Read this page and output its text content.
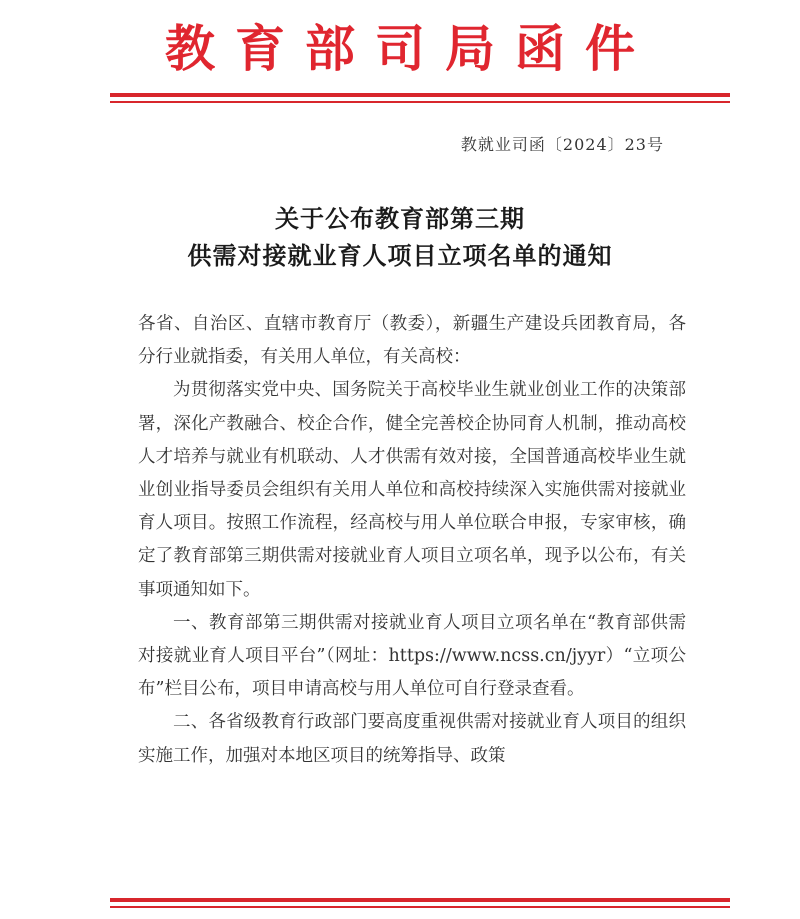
教育部司局函件
教就业司函〔2024〕23号
关于公布教育部第三期
供需对接就业育人项目立项名单的通知

各省、自治区、直辖市教育厅（教委），新疆生产建设兵团教育局，各分行业就指委，有关用人单位，有关高校：

为贯彻落实党中央、国务院关于高校毕业生就业创业工作的决策部署，深化产教融合、校企合作，健全完善校企协同育人机制，推动高校人才培养与就业有机联动、人才供需有效对接，全国普通高校毕业生就业创业指导委员会组织有关用人单位和高校持续深入实施供需对接就业育人项目。按照工作流程，经高校与用人单位联合申报，专家审核，确定了教育部第三期供需对接就业育人项目立项名单，现予以公布，有关事项通知如下。

一、教育部第三期供需对接就业育人项目立项名单在“教育部供需对接就业育人项目平台”（网址：https://www.ncss.cn/jyyr）“立项公布”栏目公布，项目申请高校与用人单位可自行登录查看。

二、各省级教育行政部门要高度重视供需对接就业育人项目的组织实施工作，加强对本地区项目的统筹指导、政策
